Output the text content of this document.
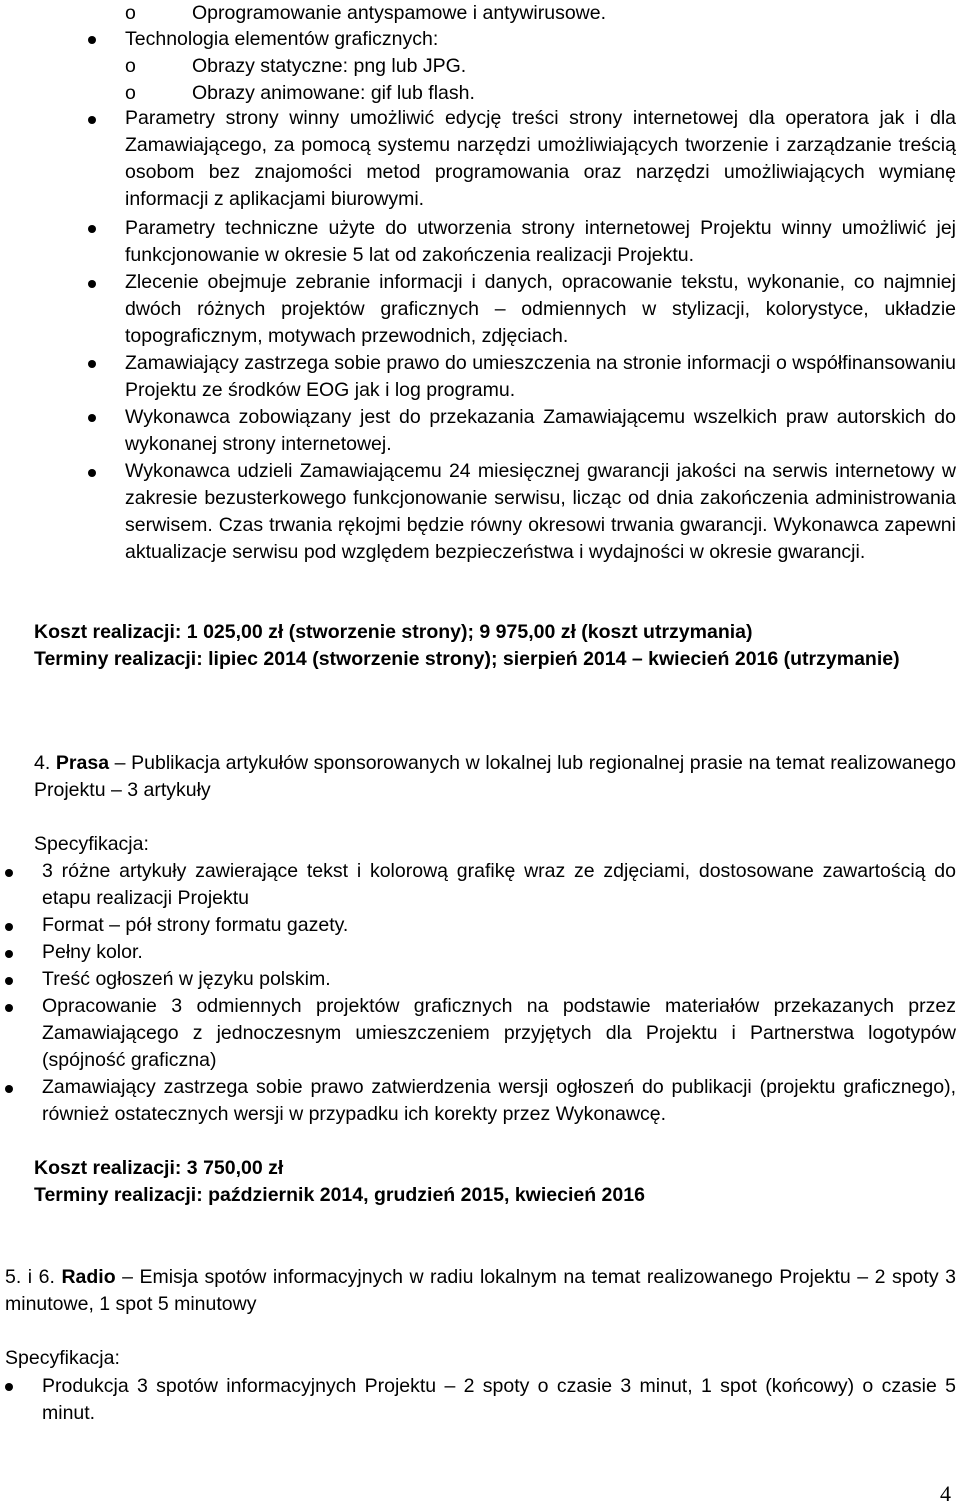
o	Oprogramowanie antyspamowe i antywirusowe.
Technologia elementów graficznych:
o	Obrazy statyczne: png lub JPG.
o	Obrazy animowane: gif lub flash.
Parametry strony winny umożliwić edycję treści strony internetowej dla operatora jak i dla Zamawiającego, za pomocą systemu narzędzi umożliwiających tworzenie i zarządzanie treścią osobom bez znajomości metod programowania oraz narzędzi umożliwiających wymianę informacji z aplikacjami biurowymi.
Parametry techniczne użyte do utworzenia strony internetowej Projektu winny umożliwić jej funkcjonowanie w okresie 5 lat od zakończenia realizacji Projektu.
Zlecenie obejmuje zebranie informacji i danych, opracowanie tekstu, wykonanie, co najmniej dwóch różnych projektów graficznych – odmiennych w stylizacji, kolorystyce, układzie topograficznym, motywach przewodnich, zdjęciach.
Zamawiający zastrzega sobie prawo do umieszczenia na stronie informacji o współfinansowaniu Projektu ze środków EOG jak i log programu.
Wykonawca zobowiązany jest do przekazania Zamawiającemu wszelkich praw autorskich do wykonanej strony internetowej.
Wykonawca udzieli Zamawiającemu 24 miesięcznej gwarancji jakości na serwis internetowy w zakresie bezusterkowego funkcjonowanie serwisu, licząc od dnia zakończenia administrowania serwisem. Czas trwania rękojmi będzie równy okresowi trwania gwarancji. Wykonawca zapewni aktualizacje serwisu pod względem bezpieczeństwa i wydajności w okresie gwarancji.
Koszt realizacji: 1 025,00 zł (stworzenie strony); 9 975,00 zł (koszt utrzymania)
Terminy realizacji: lipiec 2014 (stworzenie strony); sierpień 2014 – kwiecień 2016 (utrzymanie)
4. Prasa – Publikacja artykułów sponsorowanych w lokalnej lub regionalnej prasie na temat realizowanego Projektu – 3 artykuły
Specyfikacja:
3 różne artykuły zawierające tekst i kolorową grafikę wraz ze zdjęciami, dostosowane zawartością do etapu realizacji Projektu
Format – pół strony formatu gazety.
Pełny kolor.
Treść ogłoszeń w języku polskim.
Opracowanie 3 odmiennych projektów graficznych na podstawie materiałów przekazanych przez Zamawiającego z jednoczesnym umieszczeniem przyjętych dla Projektu i Partnerstwa logotypów (spójność graficzna)
Zamawiający zastrzega sobie prawo zatwierdzenia wersji ogłoszeń do publikacji (projektu graficznego), również ostatecznych wersji w przypadku ich korekty przez Wykonawcę.
Koszt realizacji: 3 750,00 zł
Terminy realizacji: październik 2014, grudzień 2015, kwiecień 2016
5. i 6. Radio – Emisja spotów informacyjnych w radiu lokalnym na temat realizowanego Projektu – 2 spoty 3 minutowe, 1 spot 5 minutowy
Specyfikacja:
Produkcja 3 spotów informacyjnych Projektu – 2 spoty o czasie 3 minut, 1 spot (końcowy) o czasie 5 minut.
4
